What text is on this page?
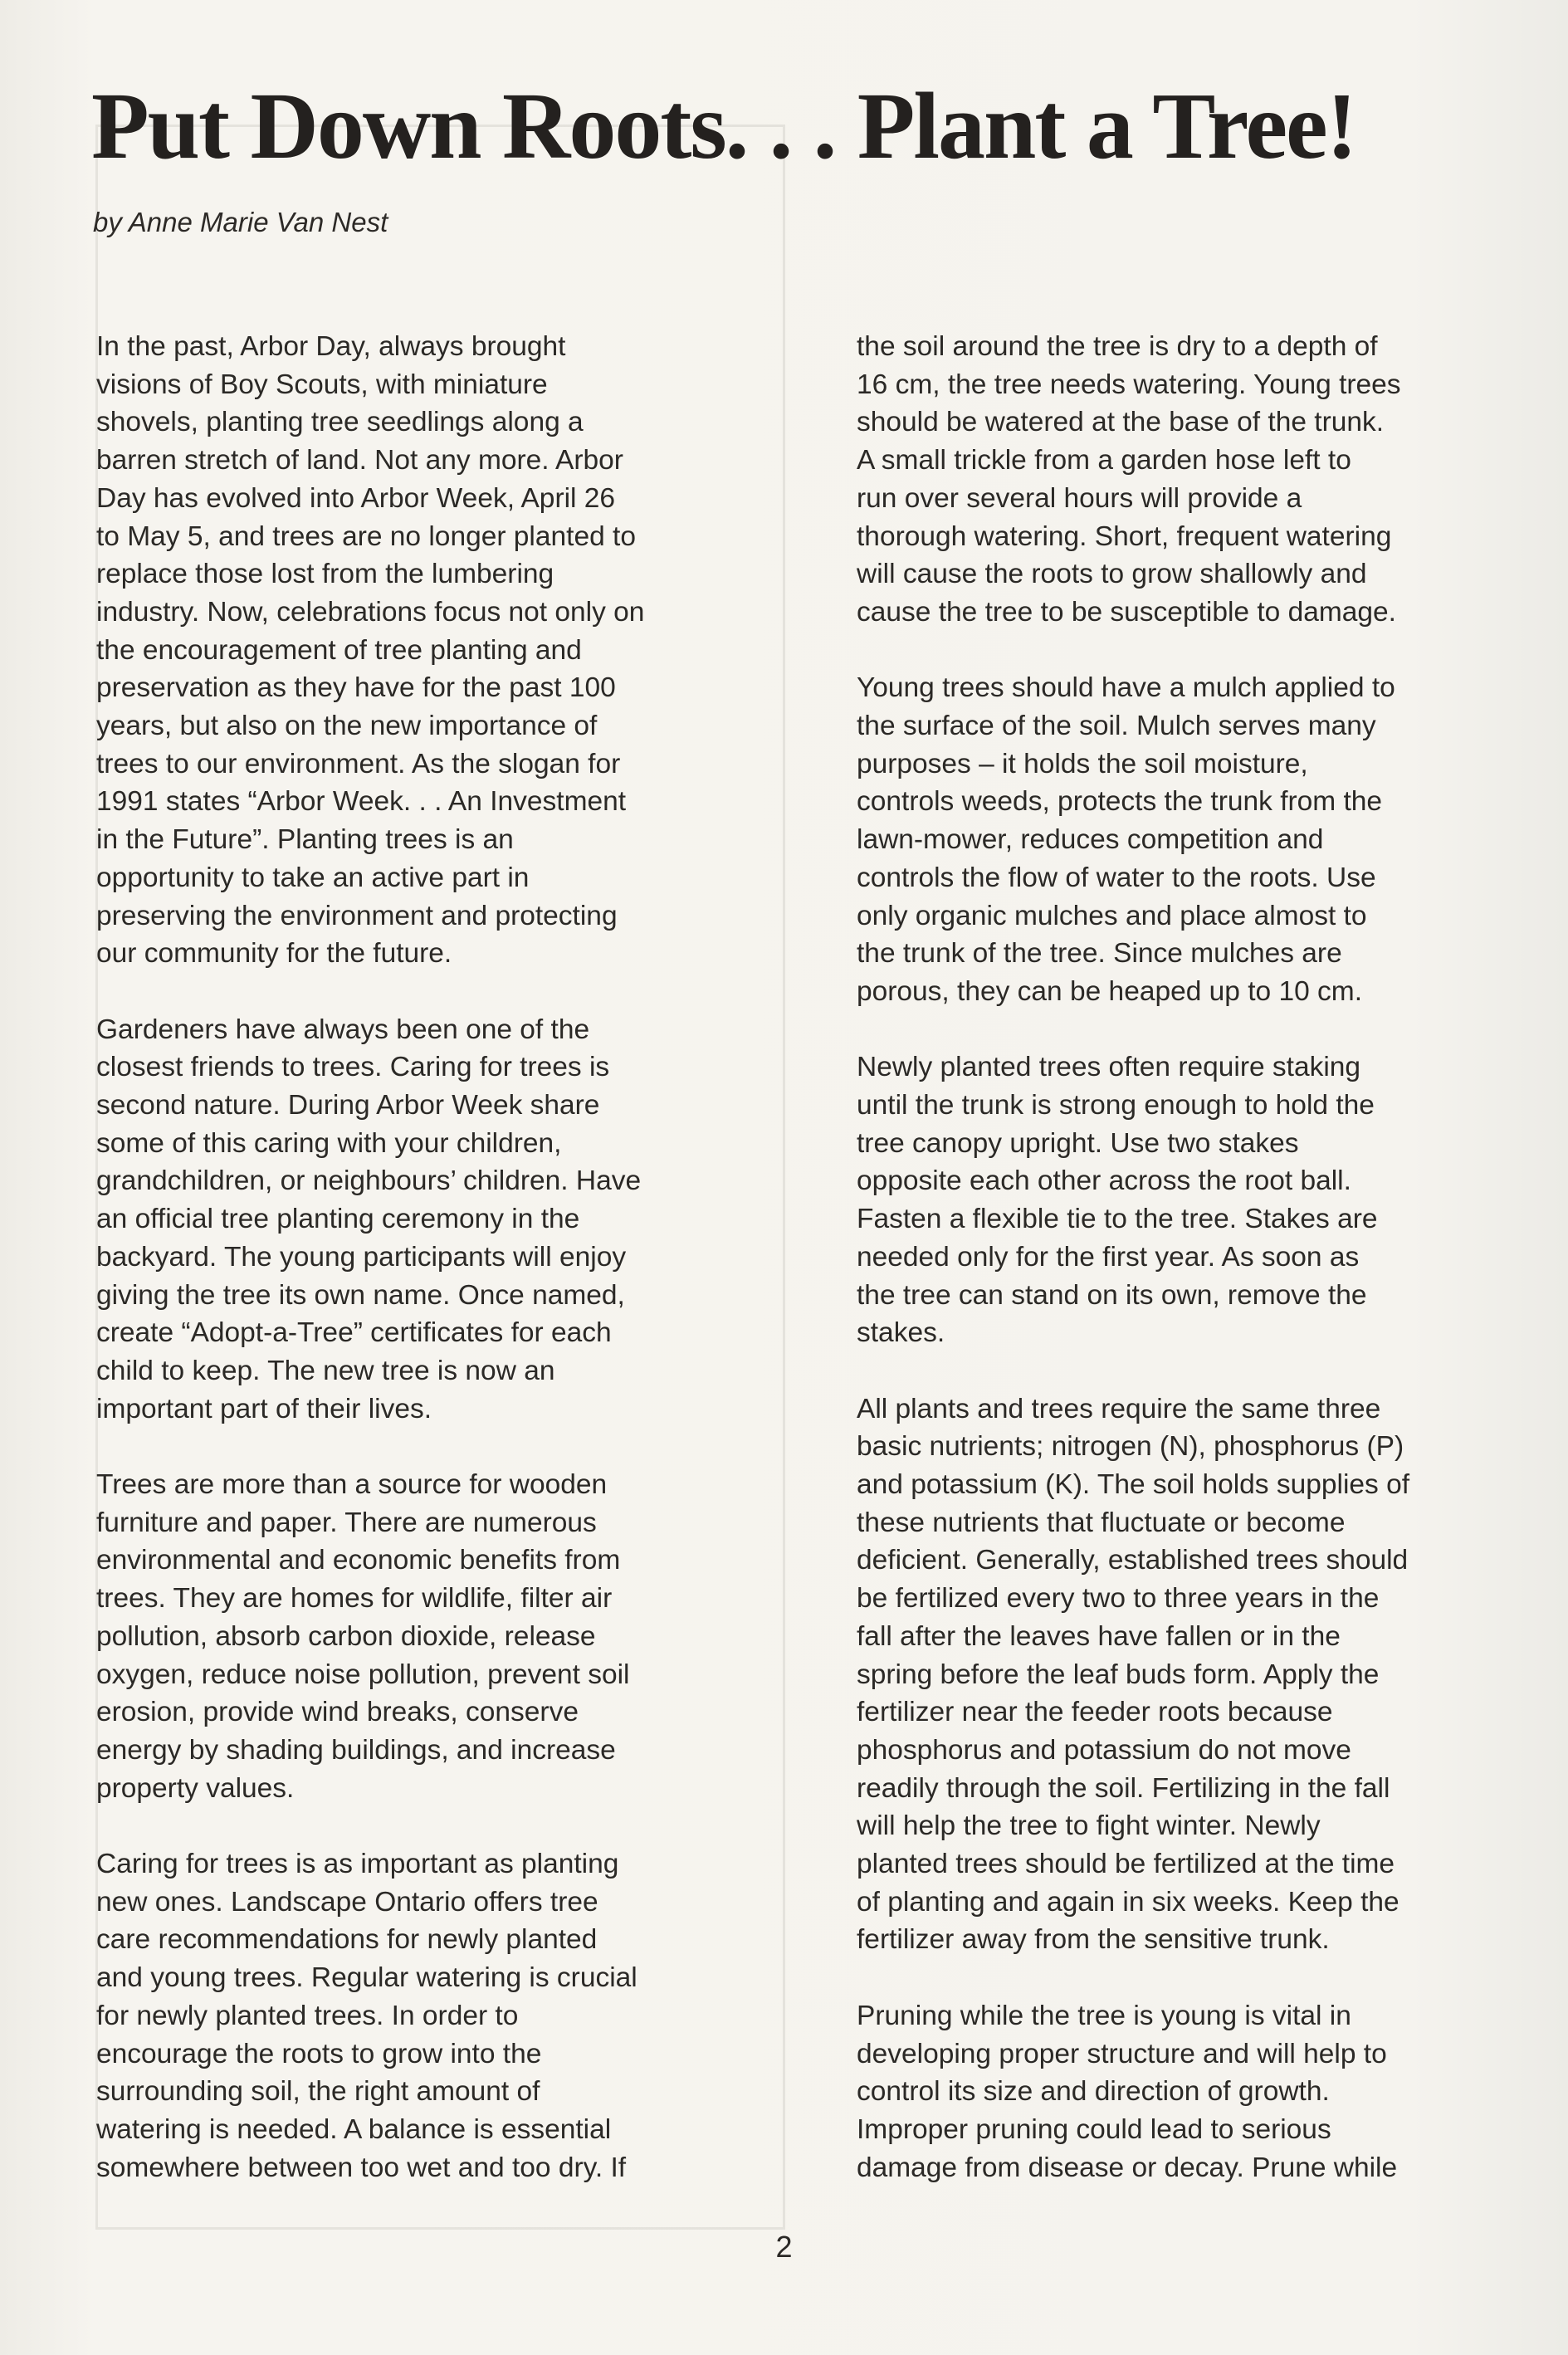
Put Down Roots. . . Plant a Tree!
by Anne Marie Van Nest

In the past, Arbor Day, always brought
visions of Boy Scouts, with miniature
shovels, planting tree seedlings along a
barren stretch of land. Not any more. Arbor
Day has evolved into Arbor Week, April 26
to May 5, and trees are no longer planted to
replace those lost from the lumbering
industry. Now, celebrations focus not only on
the encouragement of tree planting and
preservation as they have for the past 100
years, but also on the new importance of
trees to our environment. As the slogan for
1991 states “Arbor Week. . . An Investment
in the Future”. Planting trees is an
opportunity to take an active part in
preserving the environment and protecting
our community for the future.

Gardeners have always been one of the
closest friends to trees. Caring for trees is
second nature. During Arbor Week share
some of this caring with your children,
grandchildren, or neighbours’ children. Have
an official tree planting ceremony in the
backyard. The young participants will enjoy
giving the tree its own name. Once named,
create “Adopt-a-Tree” certificates for each
child to keep. The new tree is now an
important part of their lives.

Trees are more than a source for wooden
furniture and paper. There are numerous
environmental and economic benefits from
trees. They are homes for wildlife, filter air
pollution, absorb carbon dioxide, release
oxygen, reduce noise pollution, prevent soil
erosion, provide wind breaks, conserve
energy by shading buildings, and increase
property values.

Caring for trees is as important as planting
new ones. Landscape Ontario offers tree
care recommendations for newly planted
and young trees. Regular watering is crucial
for newly planted trees. In order to
encourage the roots to grow into the
surrounding soil, the right amount of
watering is needed. A balance is essential
somewhere between too wet and too dry. If

the soil around the tree is dry to a depth of
16 cm, the tree needs watering. Young trees
should be watered at the base of the trunk.
A small trickle from a garden hose left to
run over several hours will provide a
thorough watering. Short, frequent watering
will cause the roots to grow shallowly and
cause the tree to be susceptible to damage.

Young trees should have a mulch applied to
the surface of the soil. Mulch serves many
purposes – it holds the soil moisture,
controls weeds, protects the trunk from the
lawn-mower, reduces competition and
controls the flow of water to the roots. Use
only organic mulches and place almost to
the trunk of the tree. Since mulches are
porous, they can be heaped up to 10 cm.

Newly planted trees often require staking
until the trunk is strong enough to hold the
tree canopy upright. Use two stakes
opposite each other across the root ball.
Fasten a flexible tie to the tree. Stakes are
needed only for the first year. As soon as
the tree can stand on its own, remove the
stakes.

All plants and trees require the same three
basic nutrients; nitrogen (N), phosphorus (P)
and potassium (K). The soil holds supplies of
these nutrients that fluctuate or become
deficient. Generally, established trees should
be fertilized every two to three years in the
fall after the leaves have fallen or in the
spring before the leaf buds form. Apply the
fertilizer near the feeder roots because
phosphorus and potassium do not move
readily through the soil. Fertilizing in the fall
will help the tree to fight winter. Newly
planted trees should be fertilized at the time
of planting and again in six weeks. Keep the
fertilizer away from the sensitive trunk.

Pruning while the tree is young is vital in
developing proper structure and will help to
control its size and direction of growth.
Improper pruning could lead to serious
damage from disease or decay. Prune while

2
